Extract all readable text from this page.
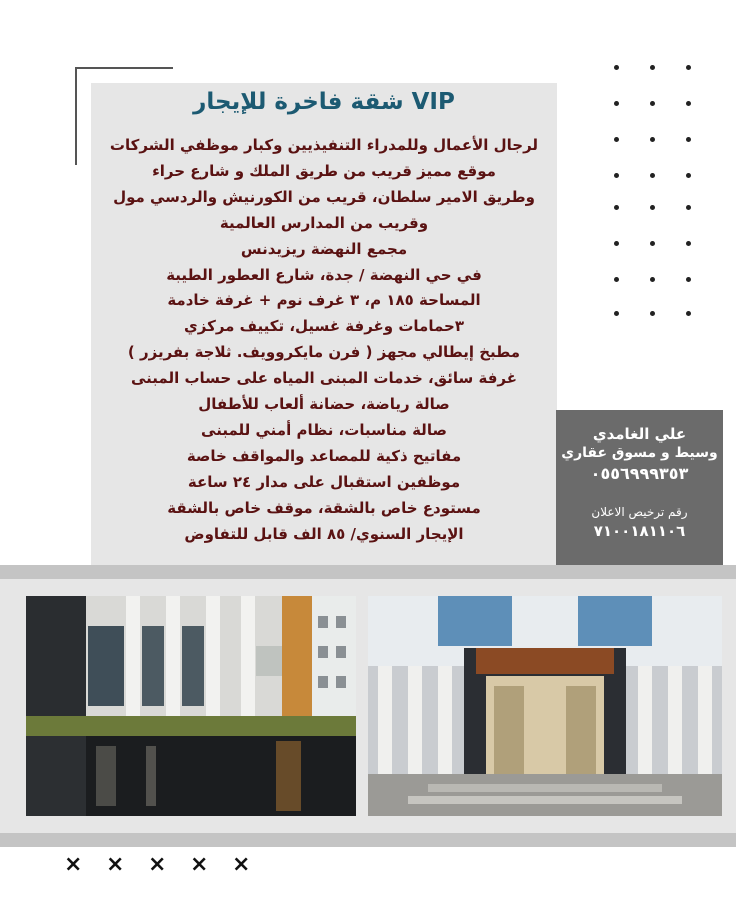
شقة فاخرة للإيجار VIP
لرجال الأعمال وللمدراء التنفيذيين وكبار موظفي الشركات
موقع مميز قريب من طريق الملك و شارع حراء
وطريق الامير سلطان، قريب من الكورنيش والردسي مول
وقريب من المدارس العالمية
مجمع النهضة ريزيدنس
في حي النهضة / جدة، شارع العطور الطيبة
المساحة ١٨٥ م، ٣ غرف نوم + غرفة خادمة
٣حمامات وغرفة غسيل، تكييف مركزي
مطبخ إيطالي مجهز ( فرن مايكروويف. ثلاجة بفريزر )
غرفة سائق، خدمات المبنى المياه على حساب المبنى
صالة رياضة، حضانة ألعاب للأطفال
صالة مناسبات، نظام أمني للمبنى
مفاتيح ذكية للمصاعد والمواقف خاصة
موظفين استقبال على مدار ٢٤ ساعة
مستودع خاص بالشقة، موقف خاص بالشقة
الإيجار السنوي/ ٨٥ الف قابل للتفاوض
علي الغامدي
وسيط و مسوق عقاري
٠٥٥٦٩٩٩٣٥٣
رقم ترخيص الاعلان
٧١٠٠١٨١١٠٦
× × × × ×
